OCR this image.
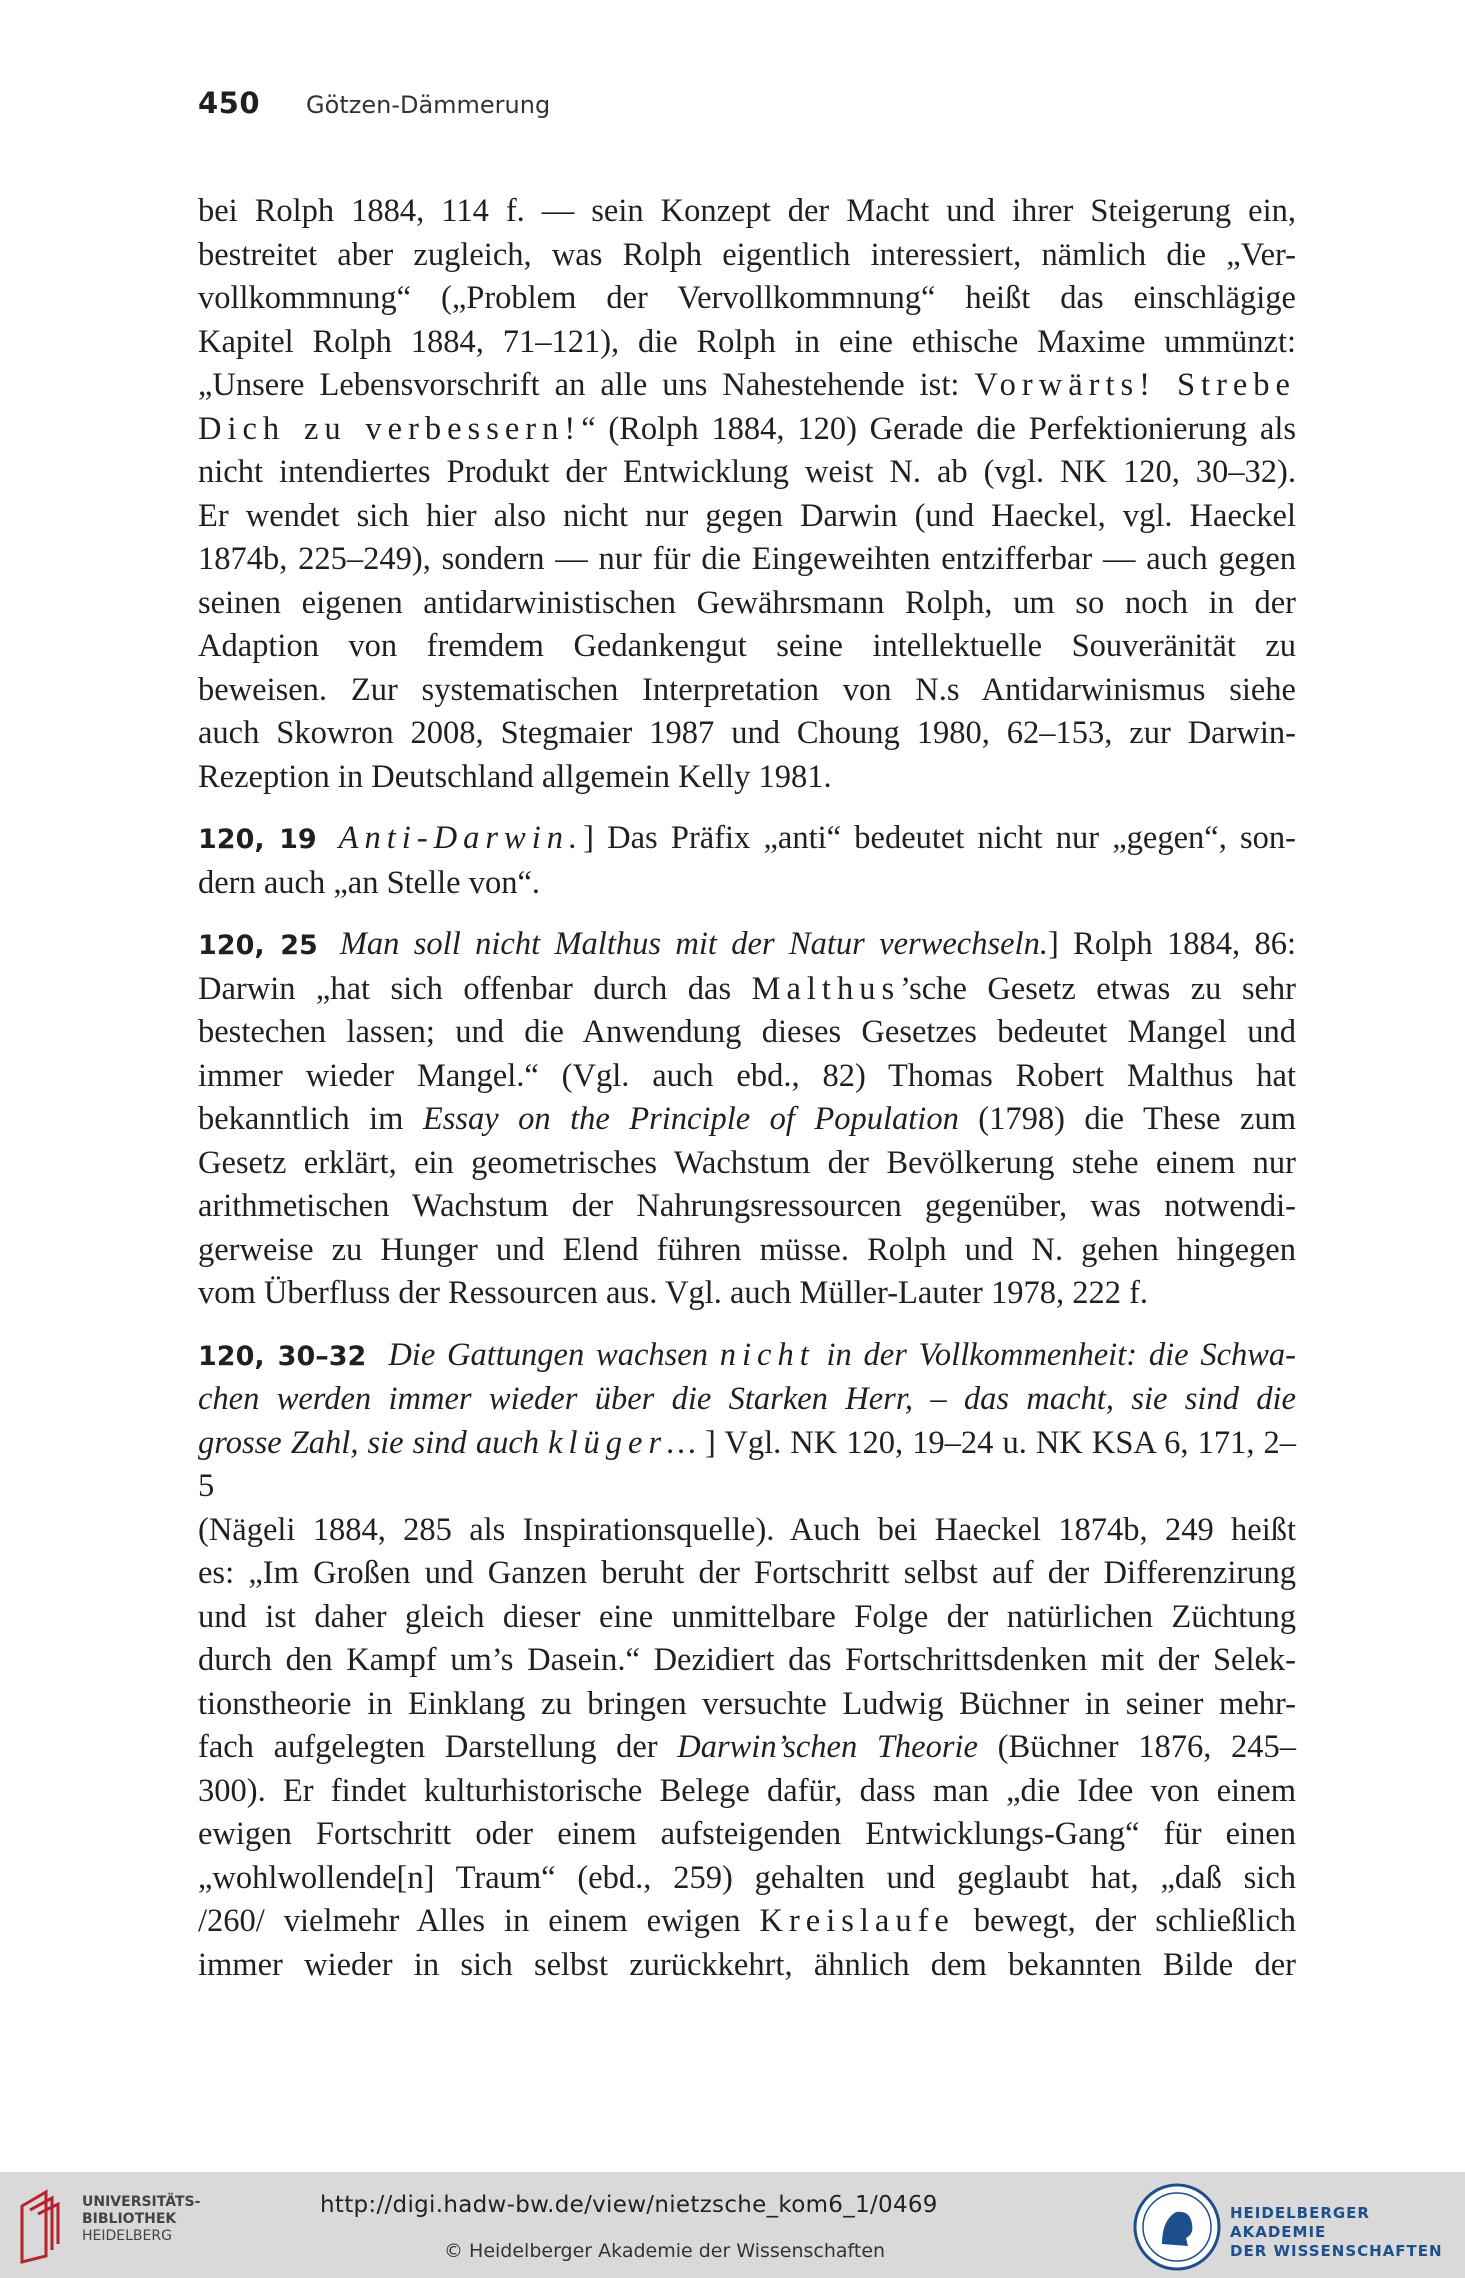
450 Götzen-Dämmerung

bei Rolph 1884, 114 f. — sein Konzept der Macht und ihrer Steigerung ein,
bestreitet aber zugleich, was Rolph eigentlich interessiert, nämlich die „Ver-
vollkommnung“ („Problem der Vervollkommnung“ heißt das einschlägige
Kapitel Rolph 1884, 71–121), die Rolph in eine ethische Maxime ummünzt:
„Unsere Lebensvorschrift an alle uns Nahestehende ist: Vorwärts! Strebe
Dich zu verbessern!“ (Rolph 1884, 120) Gerade die Perfektionierung als
nicht intendiertes Produkt der Entwicklung weist N. ab (vgl. NK 120, 30–32).
Er wendet sich hier also nicht nur gegen Darwin (und Haeckel, vgl. Haeckel
1874b, 225–249), sondern — nur für die Eingeweihten entzifferbar — auch gegen
seinen eigenen antidarwinistischen Gewährsmann Rolph, um so noch in der
Adaption von fremdem Gedankengut seine intellektuelle Souveränität zu
beweisen. Zur systematischen Interpretation von N.s Antidarwinismus siehe
auch Skowron 2008, Stegmaier 1987 und Choung 1980, 62–153, zur Darwin-
Rezeption in Deutschland allgemein Kelly 1981.

120, 19 Anti-Darwin.] Das Präfix „anti“ bedeutet nicht nur „gegen“, son-
dern auch „an Stelle von“.

120, 25 Man soll nicht Malthus mit der Natur verwechseln.] Rolph 1884, 86:
Darwin „hat sich offenbar durch das Malthus’sche Gesetz etwas zu sehr
bestechen lassen; und die Anwendung dieses Gesetzes bedeutet Mangel und
immer wieder Mangel.“ (Vgl. auch ebd., 82) Thomas Robert Malthus hat
bekanntlich im Essay on the Principle of Population (1798) die These zum
Gesetz erklärt, ein geometrisches Wachstum der Bevölkerung stehe einem nur
arithmetischen Wachstum der Nahrungsressourcen gegenüber, was notwendi-
gerweise zu Hunger und Elend führen müsse. Rolph und N. gehen hingegen
vom Überfluss der Ressourcen aus. Vgl. auch Müller-Lauter 1978, 222 f.

120, 30–32 Die Gattungen wachsen nicht in der Vollkommenheit: die Schwa-
chen werden immer wieder über die Starken Herr, – das macht, sie sind die
grosse Zahl, sie sind auch klüger… ] Vgl. NK 120, 19–24 u. NK KSA 6, 171, 2–5
(Nägeli 1884, 285 als Inspirationsquelle). Auch bei Haeckel 1874b, 249 heißt
es: „Im Großen und Ganzen beruht der Fortschritt selbst auf der Differenzirung
und ist daher gleich dieser eine unmittelbare Folge der natürlichen Züchtung
durch den Kampf um’s Dasein.“ Dezidiert das Fortschrittsdenken mit der Selek-
tionstheorie in Einklang zu bringen versuchte Ludwig Büchner in seiner mehr-
fach aufgelegten Darstellung der Darwin’schen Theorie (Büchner 1876, 245–
300). Er findet kulturhistorische Belege dafür, dass man „die Idee von einem
ewigen Fortschritt oder einem aufsteigenden Entwicklungs-Gang“ für einen
„wohlwollende[n] Traum“ (ebd., 259) gehalten und geglaubt hat, „daß sich
/260/ vielmehr Alles in einem ewigen Kreislaufe bewegt, der schließlich
immer wieder in sich selbst zurückkehrt, ähnlich dem bekannten Bilde der

UNIVERSITÄTS-
BIBLIOTHEK
HEIDELBERG
http://digi.hadw-bw.de/view/nietzsche_kom6_1/0469
© Heidelberger Akademie der Wissenschaften
HEIDELBERGER AKADEMIE
DER WISSENSCHAFTEN
